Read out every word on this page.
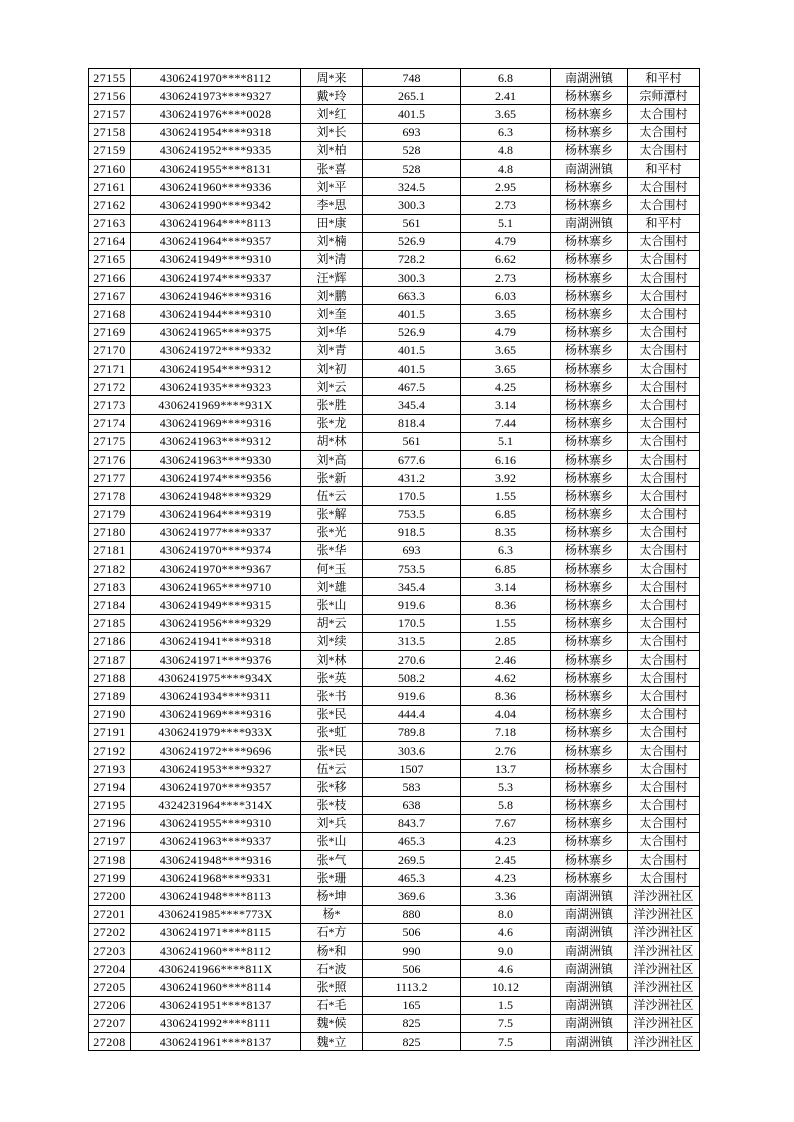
27155	4306241970****8112	周*来	748	6.8	南湖洲镇	和平村
27156	4306241973****9327	戴*玲	265.1	2.41	杨林寨乡	宗师潭村
27157	4306241976****0028	刘*红	401.5	3.65	杨林寨乡	太合围村
27158	4306241954****9318	刘*长	693	6.3	杨林寨乡	太合围村
27159	4306241952****9335	刘*柏	528	4.8	杨林寨乡	太合围村
27160	4306241955****8131	张*喜	528	4.8	南湖洲镇	和平村
27161	4306241960****9336	刘*平	324.5	2.95	杨林寨乡	太合围村
27162	4306241990****9342	李*思	300.3	2.73	杨林寨乡	太合围村
27163	4306241964****8113	田*康	561	5.1	南湖洲镇	和平村
27164	4306241964****9357	刘*楠	526.9	4.79	杨林寨乡	太合围村
27165	4306241949****9310	刘*清	728.2	6.62	杨林寨乡	太合围村
27166	4306241974****9337	汪*辉	300.3	2.73	杨林寨乡	太合围村
27167	4306241946****9316	刘*鹏	663.3	6.03	杨林寨乡	太合围村
27168	4306241944****9310	刘*奎	401.5	3.65	杨林寨乡	太合围村
27169	4306241965****9375	刘*华	526.9	4.79	杨林寨乡	太合围村
27170	4306241972****9332	刘*青	401.5	3.65	杨林寨乡	太合围村
27171	4306241954****9312	刘*初	401.5	3.65	杨林寨乡	太合围村
27172	4306241935****9323	刘*云	467.5	4.25	杨林寨乡	太合围村
27173	4306241969****931X	张*胜	345.4	3.14	杨林寨乡	太合围村
27174	4306241969****9316	张*龙	818.4	7.44	杨林寨乡	太合围村
27175	4306241963****9312	胡*林	561	5.1	杨林寨乡	太合围村
27176	4306241963****9330	刘*高	677.6	6.16	杨林寨乡	太合围村
27177	4306241974****9356	张*新	431.2	3.92	杨林寨乡	太合围村
27178	4306241948****9329	伍*云	170.5	1.55	杨林寨乡	太合围村
27179	4306241964****9319	张*解	753.5	6.85	杨林寨乡	太合围村
27180	4306241977****9337	张*光	918.5	8.35	杨林寨乡	太合围村
27181	4306241970****9374	张*华	693	6.3	杨林寨乡	太合围村
27182	4306241970****9367	何*玉	753.5	6.85	杨林寨乡	太合围村
27183	4306241965****9710	刘*雄	345.4	3.14	杨林寨乡	太合围村
27184	4306241949****9315	张*山	919.6	8.36	杨林寨乡	太合围村
27185	4306241956****9329	胡*云	170.5	1.55	杨林寨乡	太合围村
27186	4306241941****9318	刘*续	313.5	2.85	杨林寨乡	太合围村
27187	4306241971****9376	刘*林	270.6	2.46	杨林寨乡	太合围村
27188	4306241975****934X	张*英	508.2	4.62	杨林寨乡	太合围村
27189	4306241934****9311	张*书	919.6	8.36	杨林寨乡	太合围村
27190	4306241969****9316	张*民	444.4	4.04	杨林寨乡	太合围村
27191	4306241979****933X	张*虹	789.8	7.18	杨林寨乡	太合围村
27192	4306241972****9696	张*民	303.6	2.76	杨林寨乡	太合围村
27193	4306241953****9327	伍*云	1507	13.7	杨林寨乡	太合围村
27194	4306241970****9357	张*移	583	5.3	杨林寨乡	太合围村
27195	4324231964****314X	张*枝	638	5.8	杨林寨乡	太合围村
27196	4306241955****9310	刘*兵	843.7	7.67	杨林寨乡	太合围村
27197	4306241963****9337	张*山	465.3	4.23	杨林寨乡	太合围村
27198	4306241948****9316	张*气	269.5	2.45	杨林寨乡	太合围村
27199	4306241968****9331	张*珊	465.3	4.23	杨林寨乡	太合围村
27200	4306241948****8113	杨*坤	369.6	3.36	南湖洲镇	洋沙洲社区
27201	4306241985****773X	杨*	880	8.0	南湖洲镇	洋沙洲社区
27202	4306241971****8115	石*方	506	4.6	南湖洲镇	洋沙洲社区
27203	4306241960****8112	杨*和	990	9.0	南湖洲镇	洋沙洲社区
27204	4306241966****811X	石*波	506	4.6	南湖洲镇	洋沙洲社区
27205	4306241960****8114	张*照	1113.2	10.12	南湖洲镇	洋沙洲社区
27206	4306241951****8137	石*毛	165	1.5	南湖洲镇	洋沙洲社区
27207	4306241992****8111	魏*候	825	7.5	南湖洲镇	洋沙洲社区
27208	4306241961****8137	魏*立	825	7.5	南湖洲镇	洋沙洲社区
